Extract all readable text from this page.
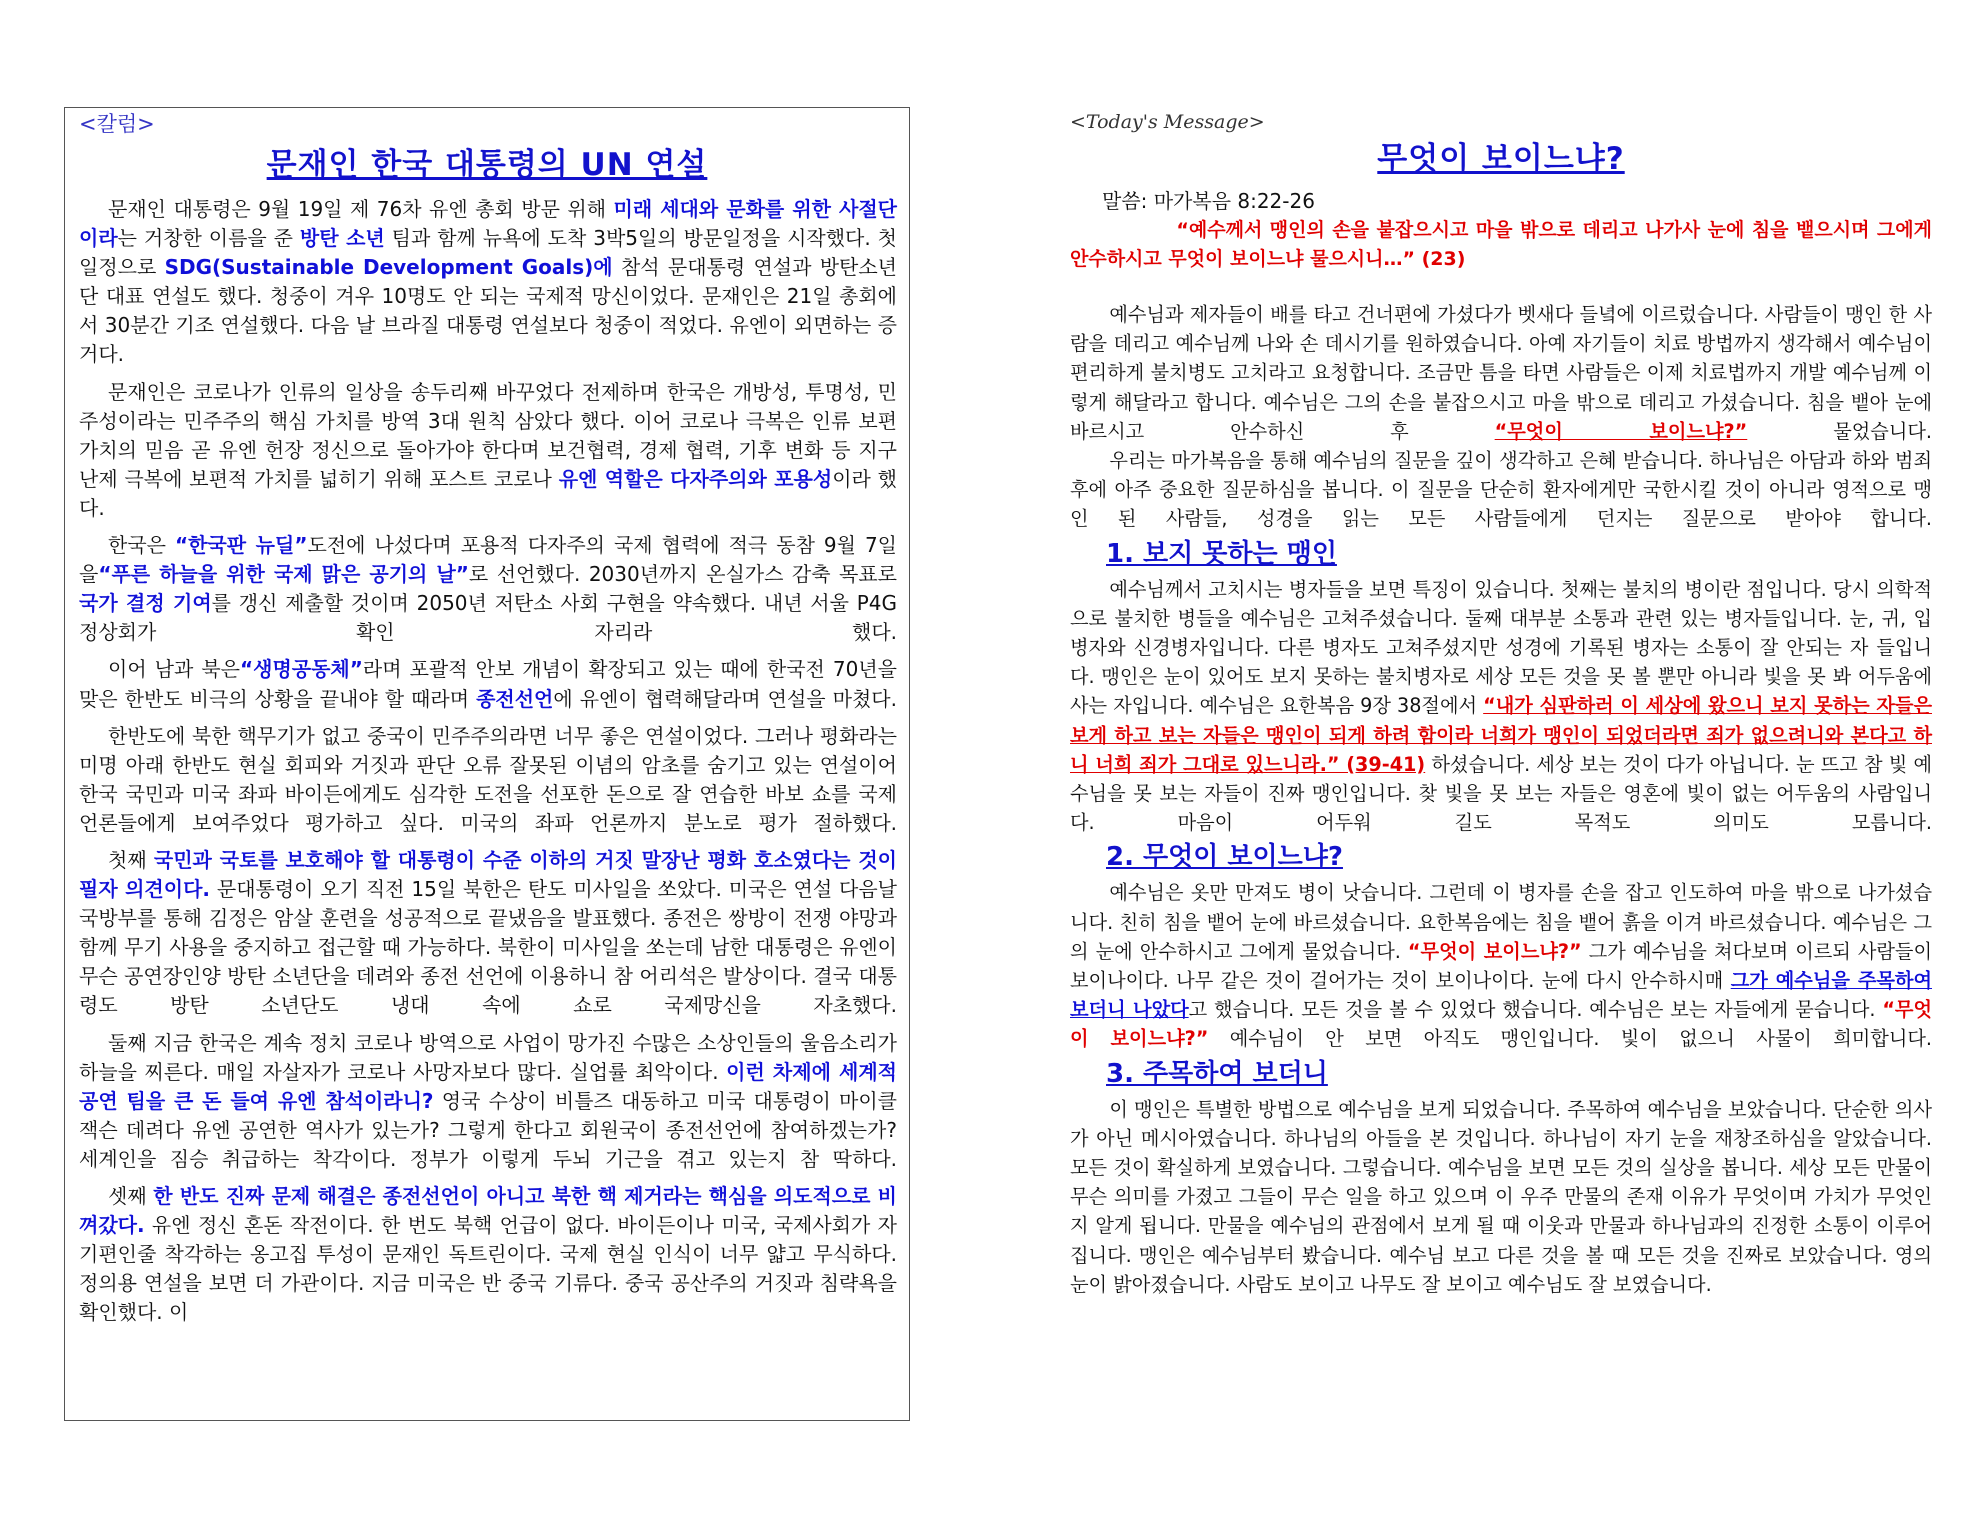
<칼럼>
문재인 한국 대통령의 UN 연설

문재인 대통령은 9월 19일 제 76차 유엔 총회 방문 위해 미래 세대와 문화를 위한 사절단이라는 거창한 이름을 준 방탄 소년 팀과 함께 뉴욕에 도착 3박5일의 방문일정을 시작했다. 첫 일정으로 SDG(Sustainable Development Goals)에 참석 문대통령 연설과 방탄소년단 대표 연설도 했다. 청중이 겨우 10명도 안 되는 국제적 망신이었다. 문재인은 21일 총회에서 30분간 기조 연설했다. 다음 날 브라질 대통령 연설보다 청중이 적었다. 유엔이 외면하는 증거다.

문재인은 코로나가 인류의 일상을 송두리째 바꾸었다 전제하며 한국은 개방성, 투명성, 민주성이라는 민주주의 핵심 가치를 방역 3대 원칙 삼았다 했다. 이어 코로나 극복은 인류 보편 가치의 믿음 곧 유엔 헌장 정신으로 돌아가야 한다며 보건협력, 경제 협력, 기후 변화 등 지구 난제 극복에 보편적 가치를 넓히기 위해 포스트 코로나 유엔 역할은 다자주의와 포용성이라 했다.

한국은 “한국판 뉴딜”도전에 나섰다며 포용적 다자주의 국제 협력에 적극 동참 9월 7일을“푸른 하늘을 위한 국제 맑은 공기의 날”로 선언했다. 2030년까지 온실가스 감축 목표로 국가 결정 기여를 갱신 제출할 것이며 2050년 저탄소 사회 구현을 약속했다. 내년 서울 P4G 정상회가 확인 자리라 했다.

이어 남과 북은“생명공동체”라며 포괄적 안보 개념이 확장되고 있는 때에 한국전 70년을 맞은 한반도 비극의 상황을 끝내야 할 때라며 종전선언에 유엔이 협력해달라며 연설을 마쳤다.

한반도에 북한 핵무기가 없고 중국이 민주주의라면 너무 좋은 연설이었다. 그러나 평화라는 미명 아래 한반도 현실 회피와 거짓과 판단 오류 잘못된 이념의 암초를 숨기고 있는 연설이어 한국 국민과 미국 좌파 바이든에게도 심각한 도전을 선포한 돈으로 잘 연습한 바보 쇼를 국제 언론들에게 보여주었다 평가하고 싶다. 미국의 좌파 언론까지 분노로 평가 절하했다.

첫째 국민과 국토를 보호해야 할 대통령이 수준 이하의 거짓 말장난 평화 호소였다는 것이 필자 의견이다. 문대통령이 오기 직전 15일 북한은 탄도 미사일을 쏘았다. 미국은 연설 다음날 국방부를 통해 김정은 암살 훈련을 성공적으로 끝냈음을 발표했다. 종전은 쌍방이 전쟁 야망과 함께 무기 사용을 중지하고 접근할 때 가능하다. 북한이 미사일을 쏘는데 남한 대통령은 유엔이 무슨 공연장인양 방탄 소년단을 데려와 종전 선언에 이용하니 참 어리석은 발상이다. 결국 대통령도 방탄 소년단도 냉대 속에 쇼로 국제망신을 자초했다.

둘째 지금 한국은 계속 정치 코로나 방역으로 사업이 망가진 수많은 소상인들의 울음소리가 하늘을 찌른다. 매일 자살자가 코로나 사망자보다 많다. 실업률 최악이다. 이런 차제에 세계적 공연 팀을 큰 돈 들여 유엔 참석이라니? 영국 수상이 비틀즈 대동하고 미국 대통령이 마이클 잭슨 데려다 유엔 공연한 역사가 있는가? 그렇게 한다고 회원국이 종전선언에 참여하겠는가? 세계인을 짐승 취급하는 착각이다. 정부가 이렇게 두뇌 기근을 겪고 있는지 참 딱하다.

셋째 한 반도 진짜 문제 해결은 종전선언이 아니고 북한 핵 제거라는 핵심을 의도적으로 비껴갔다. 유엔 정신 혼돈 작전이다. 한 번도 북핵 언급이 없다. 바이든이나 미국, 국제사회가 자기편인줄 착각하는 옹고집 투성이 문재인 독트린이다. 국제 현실 인식이 너무 얇고 무식하다. 정의용 연설을 보면 더 가관이다. 지금 미국은 반 중국 기류다. 중국 공산주의 거짓과 침략욕을 확인했다. 이

<Today's Message>
무엇이 보이느냐?
말씀: 마가복음 8:22-26

“예수께서 맹인의 손을 붙잡으시고 마을 밖으로 데리고 나가사 눈에 침을 뱉으시며 그에게 안수하시고 무엇이 보이느냐 물으시니…” (23)

예수님과 제자들이 배를 타고 건너편에 가셨다가 벳새다 들녘에 이르렀습니다. 사람들이 맹인 한 사람을 데리고 예수님께 나와 손 데시기를 원하였습니다. 아예 자기들이 치료 방법까지 생각해서 예수님이 편리하게 불치병도 고치라고 요청합니다. 조금만 틈을 타면 사람들은 이제 치료법까지 개발 예수님께 이렇게 해달라고 합니다. 예수님은 그의 손을 붙잡으시고 마을 밖으로 데리고 가셨습니다. 침을 뱉아 눈에 바르시고 안수하신 후 “무엇이 보이느냐?” 물었습니다.

우리는 마가복음을 통해 예수님의 질문을 깊이 생각하고 은혜 받습니다. 하나님은 아담과 하와 범죄 후에 아주 중요한 질문하심을 봅니다. 이 질문을 단순히 환자에게만 국한시킬 것이 아니라 영적으로 맹인 된 사람들, 성경을 읽는 모든 사람들에게 던지는 질문으로 받아야 합니다.

1. 보지 못하는 맹인

예수님께서 고치시는 병자들을 보면 특징이 있습니다. 첫째는 불치의 병이란 점입니다. 당시 의학적으로 불치한 병들을 예수님은 고쳐주셨습니다. 둘째 대부분 소통과 관련 있는 병자들입니다. 눈, 귀, 입 병자와 신경병자입니다. 다른 병자도 고쳐주셨지만 성경에 기록된 병자는 소통이 잘 안되는 자 들입니다. 맹인은 눈이 있어도 보지 못하는 불치병자로 세상 모든 것을 못 볼 뿐만 아니라 빛을 못 봐 어두움에 사는 자입니다. 예수님은 요한복음 9장 38절에서 “내가 심판하러 이 세상에 왔으니 보지 못하는 자들은 보게 하고 보는 자들은 맹인이 되게 하려 함이라 너희가 맹인이 되었더라면 죄가 없으려니와 본다고 하니 너희 죄가 그대로 있느니라.” (39-41) 하셨습니다. 세상 보는 것이 다가 아닙니다. 눈 뜨고 참 빛 예수님을 못 보는 자들이 진짜 맹인입니다. 찾 빛을 못 보는 자들은 영혼에 빛이 없는 어두움의 사람입니다. 마음이 어두워 길도 목적도 의미도 모릅니다.

2. 무엇이 보이느냐?

예수님은 옷만 만져도 병이 낫습니다. 그런데 이 병자를 손을 잡고 인도하여 마을 밖으로 나가셨습니다. 친히 침을 뱉어 눈에 바르셨습니다. 요한복음에는 침을 뱉어 흙을 이겨 바르셨습니다. 예수님은 그의 눈에 안수하시고 그에게 물었습니다. “무엇이 보이느냐?” 그가 예수님을 쳐다보며 이르되 사람들이 보이나이다. 나무 같은 것이 걸어가는 것이 보이나이다. 눈에 다시 안수하시매 그가 예수님을 주목하여 보더니 나았다고 했습니다. 모든 것을 볼 수 있었다 했습니다. 예수님은 보는 자들에게 묻습니다. “무엇이 보이느냐?” 예수님이 안 보면 아직도 맹인입니다. 빛이 없으니 사물이 희미합니다.

3. 주목하여 보더니

이 맹인은 특별한 방법으로 예수님을 보게 되었습니다. 주목하여 예수님을 보았습니다. 단순한 의사가 아닌 메시아였습니다. 하나님의 아들을 본 것입니다. 하나님이 자기 눈을 재창조하심을 알았습니다. 모든 것이 확실하게 보였습니다. 그렇습니다. 예수님을 보면 모든 것의 실상을 봅니다. 세상 모든 만물이 무슨 의미를 가졌고 그들이 무슨 일을 하고 있으며 이 우주 만물의 존재 이유가 무엇이며 가치가 무엇인지 알게 됩니다. 만물을 예수님의 관점에서 보게 될 때 이웃과 만물과 하나님과의 진정한 소통이 이루어집니다. 맹인은 예수님부터 봤습니다. 예수님 보고 다른 것을 볼 때 모든 것을 진짜로 보았습니다. 영의 눈이 밝아졌습니다. 사람도 보이고 나무도 잘 보이고 예수님도 잘 보였습니다.
